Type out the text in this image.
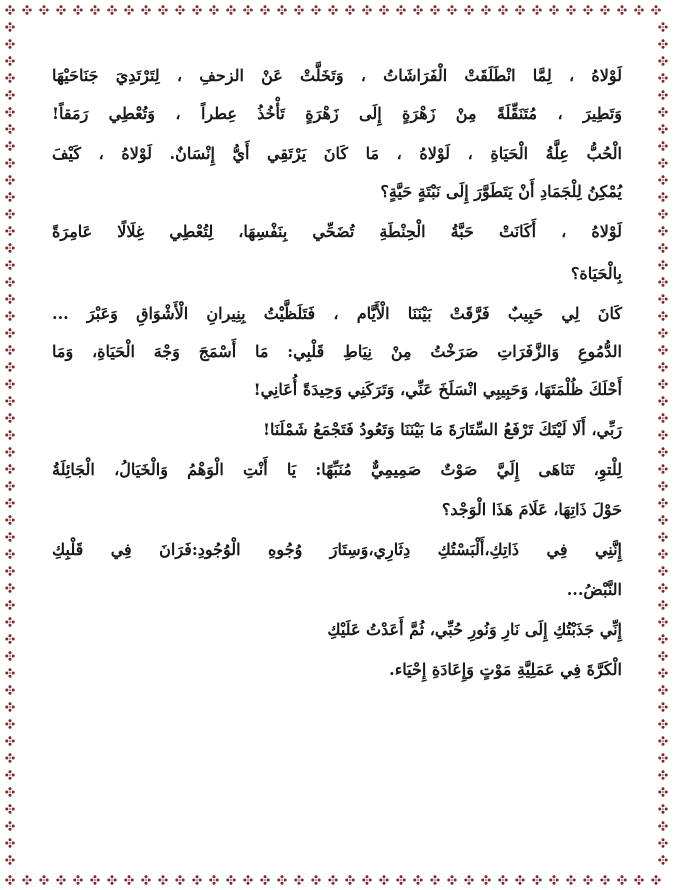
لَوْلاهُ ، لِمَّا انْطَلَقَتْ الْفَرَاشَاتُ ، وَتَخَلَّتْ عَنْ الزحفِ ، لِتَرْتَدِيَ جَنَاحَيْهَا
وَتَطِيرَ ، مُتَنَقِّلَةً مِنْ زَهْرَةٍ إِلَى زَهْرَةٍ تَأْخُذُ عِطراً ، وَتُعْطِي رَمَقاً!
الْحُبُّ عِلَّةُ الْحَيَاةِ ، لَوْلاهُ ، مَا كَانَ يَرْتَقِي أَيُّ إِنْسَانٌ. لَوْلاهُ ، كَيْفَ
يُمْكِنُ لِلْجَمَادِ أَنْ يَتَطَوَّرَ إِلَى نَبْتَةٍ حَيَّةٍ؟
لَوْلاهُ ، أَكَانَتْ حَبَّةُ الْحِنْطَةِ تُضَحِّي بِنَفْسِهَا، لِتُعْطِي غِلَالًا عَامِرَةً
بِالْحَيَاة؟
كَانَ لِي حَبِيبٌ فَرَّقَتْ بَيْنَنَا الْأَيَّام ، فَتَلَظَّيْتُ بِنِيرانِ الْأَشْوَاقِ وَعَبْرَ ...
الدُّمُوعِ وَالزَّفَرَاتِ صَرَخْتُ مِنْ نِيَاطِ قَلْبِي: مَا أَسْمَجَ وَجْهَ الْحَيَاةِ، وَمَا
أَحْلَكَ ظُلْمَتَهَا، وَحَبِيبِي انْسَلَخَ عَنِّي، وَتَرَكَنِي وَحِيدَةً أُعَانِي!
رَبِّي، أَلَا لَيْتَكَ تَرْفَعُ السِّتَارَةَ مَا بَيْنَنَا وَتَعُودُ فَتَجْمَعُ شَمْلَنَا!
لِلْتوِ، تَنَاهَى إِلَيَّ صَوْتٌ صَمِيمِيٌّ مُنَبِّهًا: يَا أَنْتِ الْوَهْمُ وَالْخَيَالُ، الْجَائِلَةُ
حَوْلَ ذَاتِهَا، عَلَامَ هَذَا الْوَجْد؟
إِنَّنِي فِي ذَاتِكِ،أَلْبَسْتُكِ دِثَارِي،وَسِتَارَ وُجُوهِ الْوُجُودِ:فَرَانَ فِي قَلْبِكِ
النَّبْضُ...
إِنِّي جَذَبْتُكِ إِلَى نَارِ وَنُورِ حُبِّي، ثُمَّ أَعَدْتُ عَلَيْكِ
الْكَرَّةَ فِي عَمَلِيَّةِ مَوْتٍ وَإِعَادَةِ إِحْيَاء.
